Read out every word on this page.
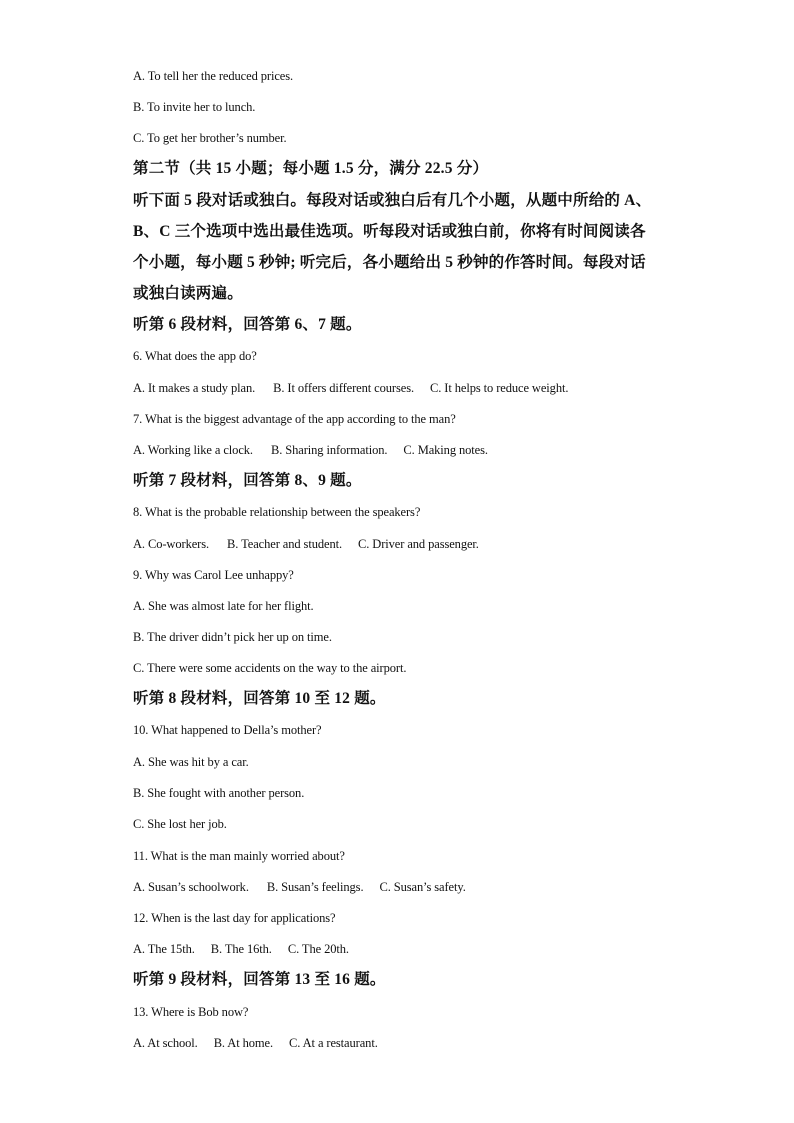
A. To tell her the reduced prices.
B. To invite her to lunch.
C. To get her brother’s number.
第二节（共 15 小题；每小题 1.5 分，满分 22.5 分）
听下面 5 段对话或独白。每段对话或独白后有几个小题，从题中所给的 A、
B、C 三个选项中选出最佳选项。听每段对话或独白前，你将有时间阅读各
个小题，每小题 5 秒钟; 听完后，各小题给出 5 秒钟的作答时间。每段对话
或独白读两遍。
听第 6 段材料，回答第 6、7 题。
6. What does the app do?
A. It makes a study plan. B. It offers different courses. C. It helps to reduce weight.
7. What is the biggest advantage of the app according to the man?
A. Working like a clock. B. Sharing information. C. Making notes.
听第 7 段材料，回答第 8、9 题。
8. What is the probable relationship between the speakers?
A. Co-workers. B. Teacher and student. C. Driver and passenger.
9. Why was Carol Lee unhappy?
A. She was almost late for her flight.
B. The driver didn’t pick her up on time.
C. There were some accidents on the way to the airport.
听第 8 段材料，回答第 10 至 12 题。
10. What happened to Della’s mother?
A. She was hit by a car.
B. She fought with another person.
C. She lost her job.
11. What is the man mainly worried about?
A. Susan’s schoolwork. B. Susan’s feelings. C. Susan’s safety.
12. When is the last day for applications?
A. The 15th. B. The 16th. C. The 20th.
听第 9 段材料，回答第 13 至 16 题。
13. Where is Bob now?
A. At school. B. At home. C. At a restaurant.
